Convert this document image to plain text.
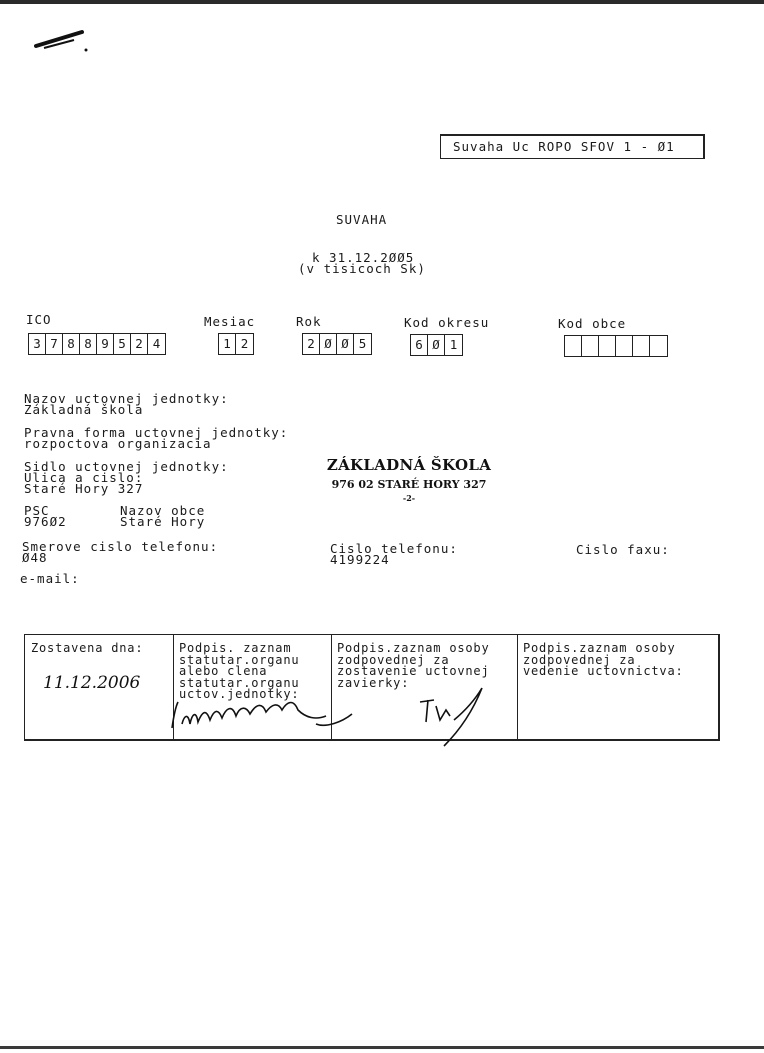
Suvaha Uc ROPO SFOV 1 - Ø1
SUVAHA
k 31.12.2ØØ5
(v tisicoch Sk)
ICO
3 7 8 8 9 5 2 4
Mesiac
1 2
Rok
2 Ø Ø 5
Kod okresu
6 Ø 1
Kod obce
Nazov uctovnej jednotky:
Základná škola
Pravna forma uctovnej jednotky:
rozpoctova organizacia
Sidlo uctovnej jednotky:
Ulica a cislo:
Staré Hory 327
ZÁKLADNÁ ŠKOLA
976 02 STARÉ HORY 327
-2-
PSC
976Ø2
Nazov obce
Staré Hory
Smerove cislo telefonu:
Ø48
Cislo telefonu:
4199224
Cislo faxu:
e-mail:
Zostavena dna:
11.12.2006
Podpis. zaznam
statutar.organu
alebo clena
statutar.organu
uctov.jednotky:
Podpis.zaznam osoby
zodpovednej za
zostavenie uctovnej
zavierky:
Podpis.zaznam osoby
zodpovednej za
vedenie uctovnictva:
